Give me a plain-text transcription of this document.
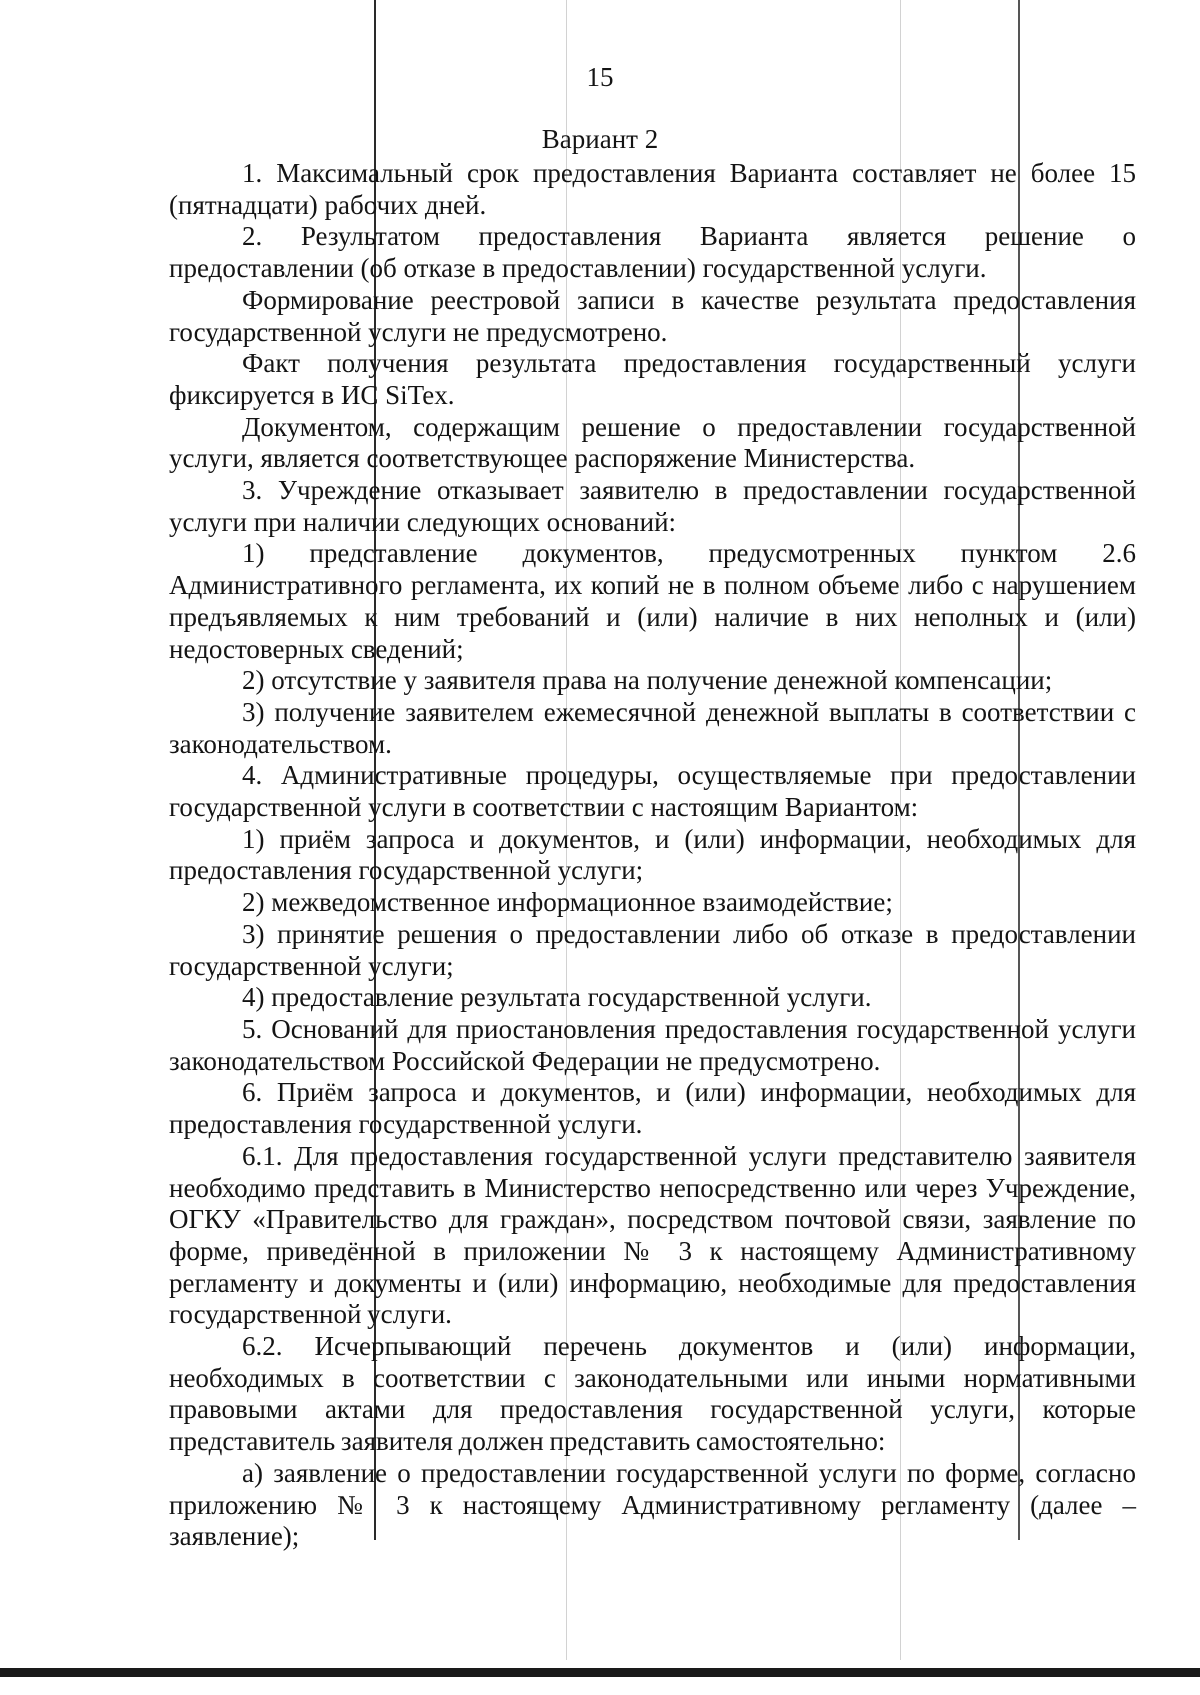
15
Вариант 2

1. Максимальный срок предоставления Варианта составляет не более 15 (пятнадцати) рабочих дней.

2. Результатом предоставления Варианта является решение о предоставлении (об отказе в предоставлении) государственной услуги.

Формирование реестровой записи в качестве результата предоставления государственной услуги не предусмотрено.

Факт получения результата предоставления государственный услуги фиксируется в ИС SiTex.

Документом, содержащим решение о предоставлении государственной услуги, является соответствующее распоряжение Министерства.

3. Учреждение отказывает заявителю в предоставлении государственной услуги при наличии следующих оснований:

1) представление документов, предусмотренных пунктом 2.6 Административного регламента, их копий не в полном объеме либо с нарушением предъявляемых к ним требований и (или) наличие в них неполных и (или) недостоверных сведений;

2) отсутствие у заявителя права на получение денежной компенсации;

3) получение заявителем ежемесячной денежной выплаты в соответствии с законодательством.

4. Административные процедуры, осуществляемые при предоставлении государственной услуги в соответствии с настоящим Вариантом:

1) приём запроса и документов, и (или) информации, необходимых для предоставления государственной услуги;

2) межведомственное информационное взаимодействие;

3) принятие решения о предоставлении либо об отказе в предоставлении государственной услуги;

4) предоставление результата государственной услуги.

5. Оснований для приостановления предоставления государственной услуги законодательством Российской Федерации не предусмотрено.

6. Приём запроса и документов, и (или) информации, необходимых для предоставления государственной услуги.

6.1. Для предоставления государственной услуги представителю заявителя необходимо представить в Министерство непосредственно или через Учреждение, ОГКУ «Правительство для граждан», посредством почтовой связи, заявление по форме, приведённой в приложении № 3 к настоящему Административному регламенту и документы и (или) информацию, необходимые для предоставления государственной услуги.

6.2. Исчерпывающий перечень документов и (или) информации, необходимых в соответствии с законодательными или иными нормативными правовыми актами для предоставления государственной услуги, которые представитель заявителя должен представить самостоятельно:

а) заявление о предоставлении государственной услуги по форме, согласно приложению № 3 к настоящему Административному регламенту (далее – заявление);
